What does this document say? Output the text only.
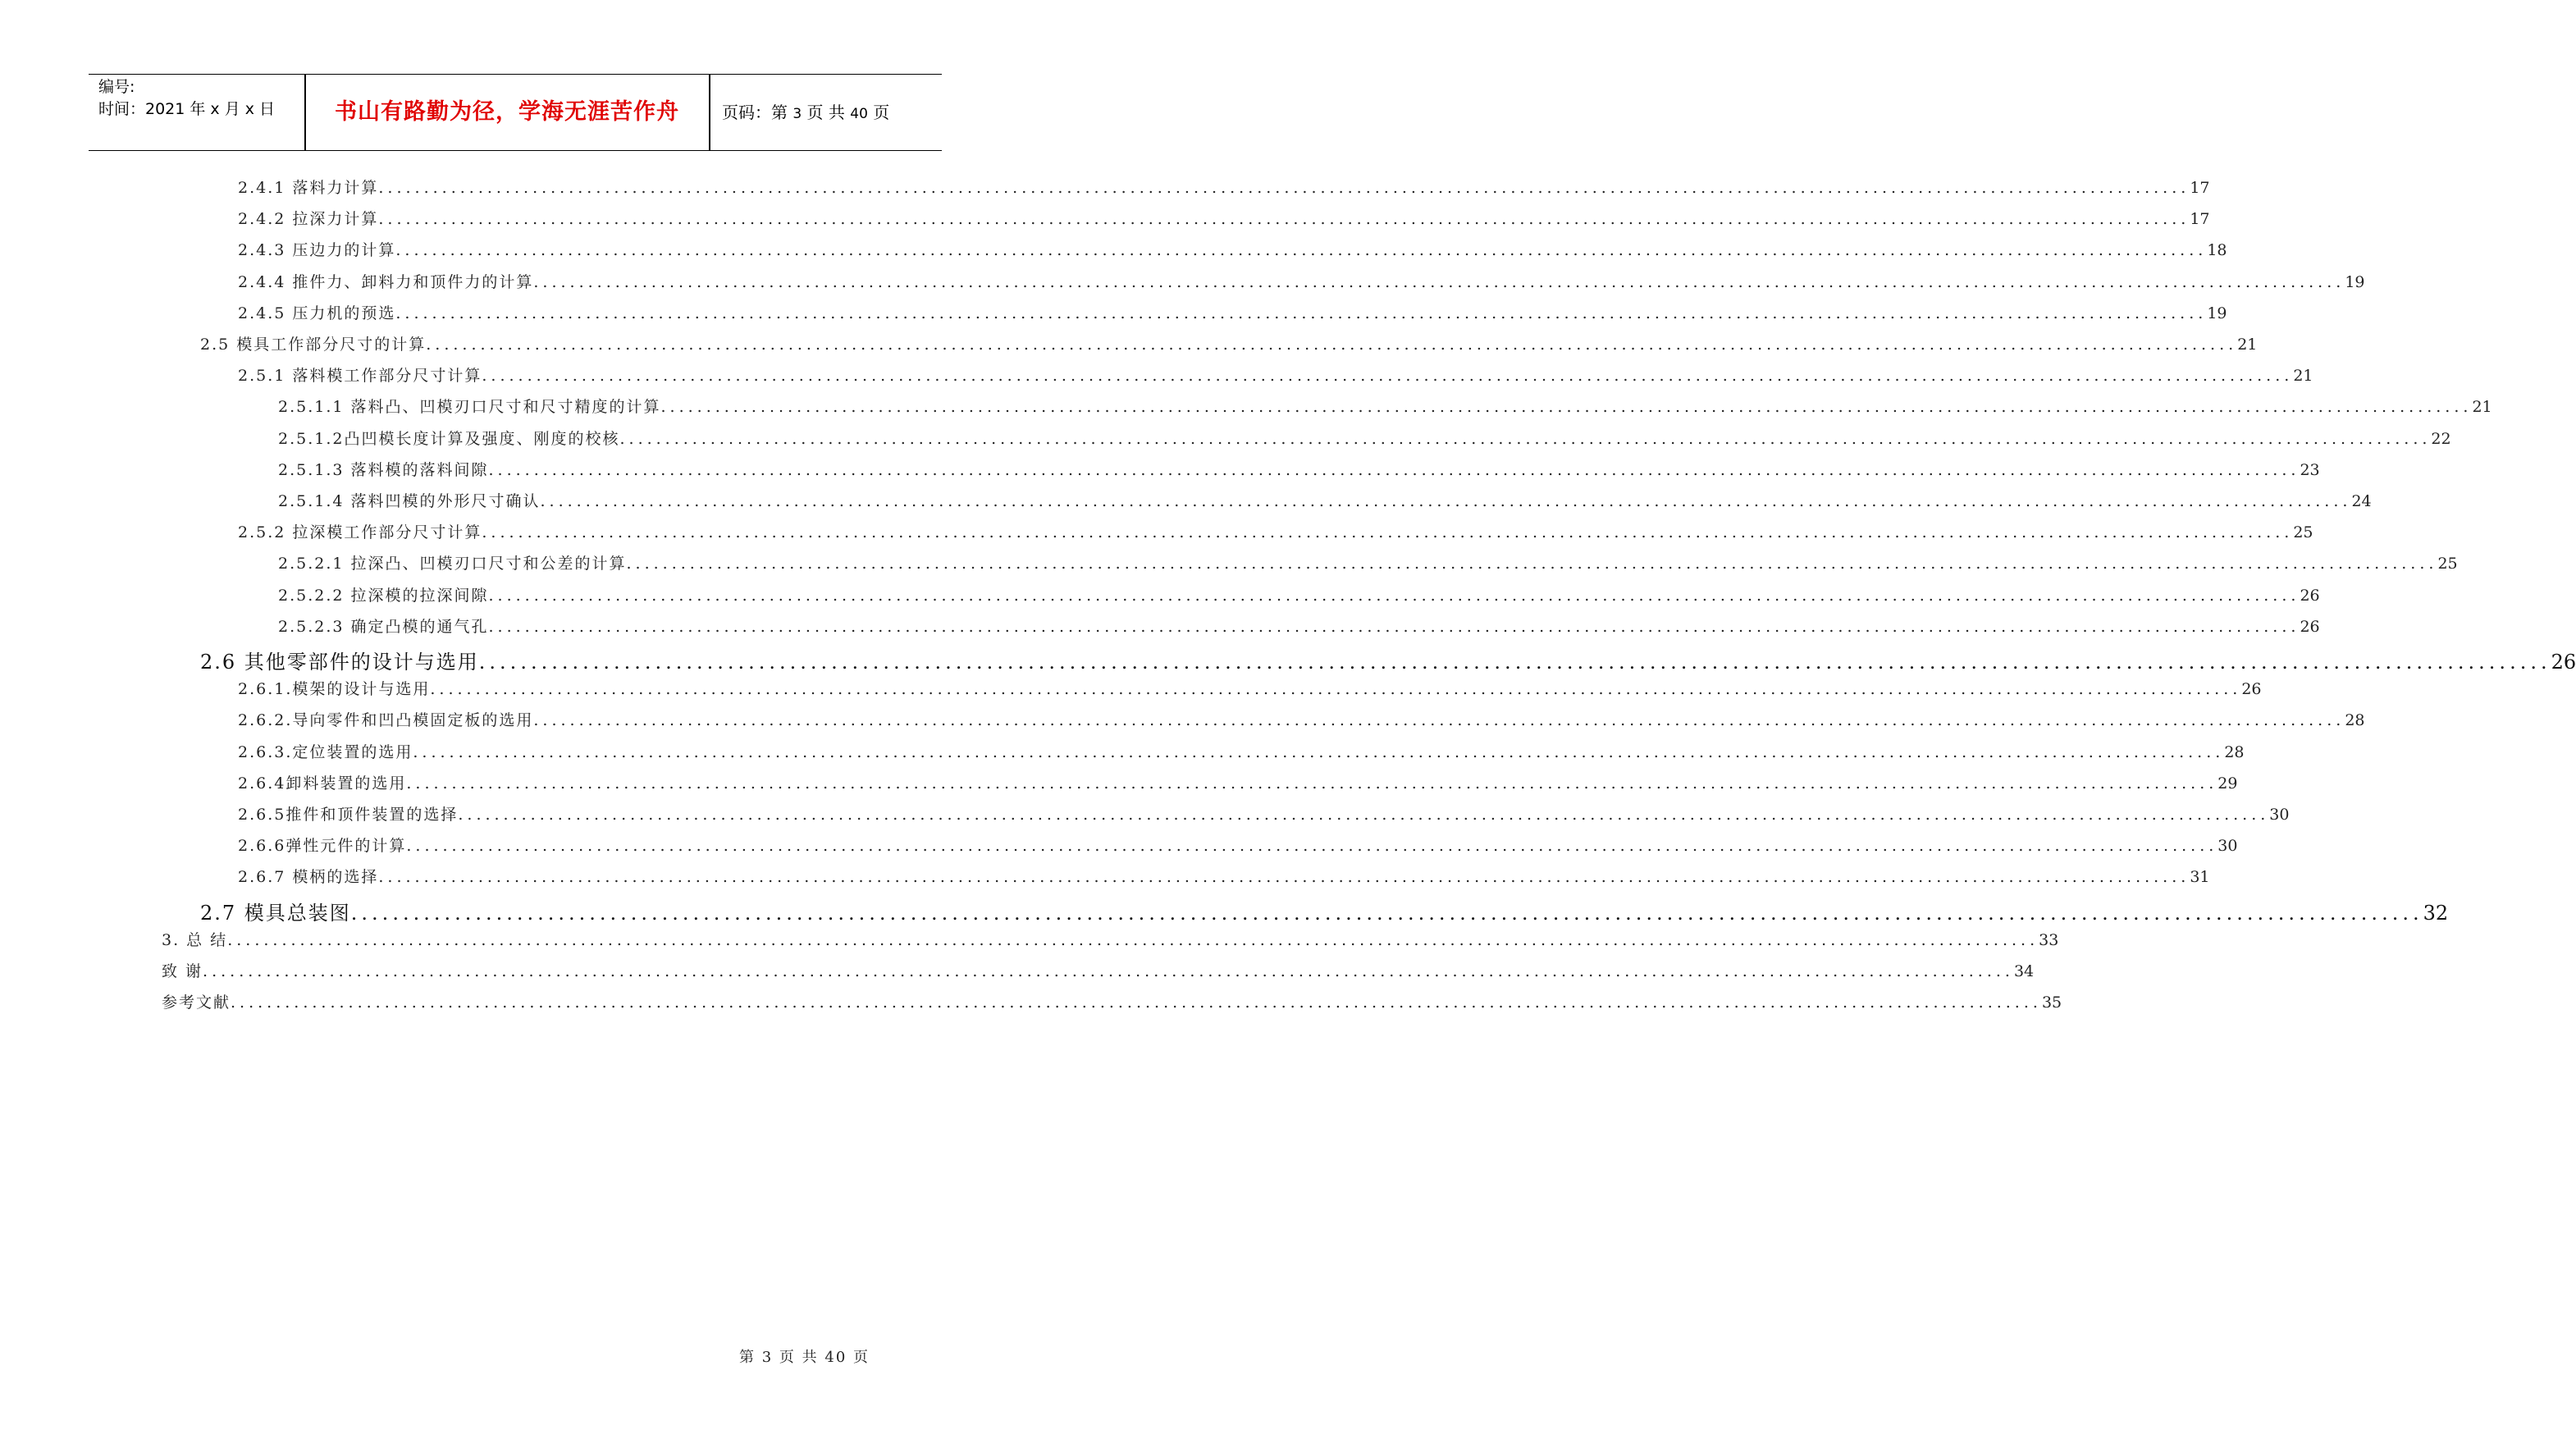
编号:
时间：2021 年 x 月 x 日	书山有路勤为径，学海无涯苦作舟	页码：第 3 页 共 40 页
2.4.1 落料力计算 ........................................................................................................................................................................................................ 17
2.4.2 拉深力计算 ........................................................................................................................................................................................................ 17
2.4.3 压边力的计算 ........................................................................................................................................................................................................ 18
2.4.4 推件力、卸料力和顶件力的计算 ........................................................................................................................................................................................................ 19
2.4.5 压力机的预选 ........................................................................................................................................................................................................ 19
2.5 模具工作部分尺寸的计算 ........................................................................................................................................................................................................ 21
2.5.1 落料模工作部分尺寸计算 ........................................................................................................................................................................................................ 21
2.5.1.1 落料凸、凹模刃口尺寸和尺寸精度的计算 ........................................................................................................................................................................................................ 21
2.5.1.2凸凹模长度计算及强度、刚度的校核 ........................................................................................................................................................................................................ 22
2.5.1.3 落料模的落料间隙 ........................................................................................................................................................................................................ 23
2.5.1.4 落料凹模的外形尺寸确认 ........................................................................................................................................................................................................ 24
2.5.2 拉深模工作部分尺寸计算 ........................................................................................................................................................................................................ 25
2.5.2.1 拉深凸、凹模刃口尺寸和公差的计算 ........................................................................................................................................................................................................ 25
2.5.2.2 拉深模的拉深间隙 ........................................................................................................................................................................................................ 26
2.5.2.3 确定凸模的通气孔 ........................................................................................................................................................................................................ 26
2.6 其他零部件的设计与选用 ........................................................................................................................................................................................................ 26
2.6.1.模架的设计与选用 ........................................................................................................................................................................................................ 26
2.6.2.导向零件和凹凸模固定板的选用 ........................................................................................................................................................................................................ 28
2.6.3.定位装置的选用 ........................................................................................................................................................................................................ 28
2.6.4卸料装置的选用 ........................................................................................................................................................................................................ 29
2.6.5推件和顶件装置的选择 ........................................................................................................................................................................................................ 30
2.6.6弹性元件的计算 ........................................................................................................................................................................................................ 30
2.6.7 模柄的选择 ........................................................................................................................................................................................................ 31
2.7 模具总装图 ........................................................................................................................................................................................................ 32
3. 总 结 ........................................................................................................................................................................................................ 33
致 谢 ........................................................................................................................................................................................................ 34
参考文献 ........................................................................................................................................................................................................ 35
第 3 页 共 40 页
